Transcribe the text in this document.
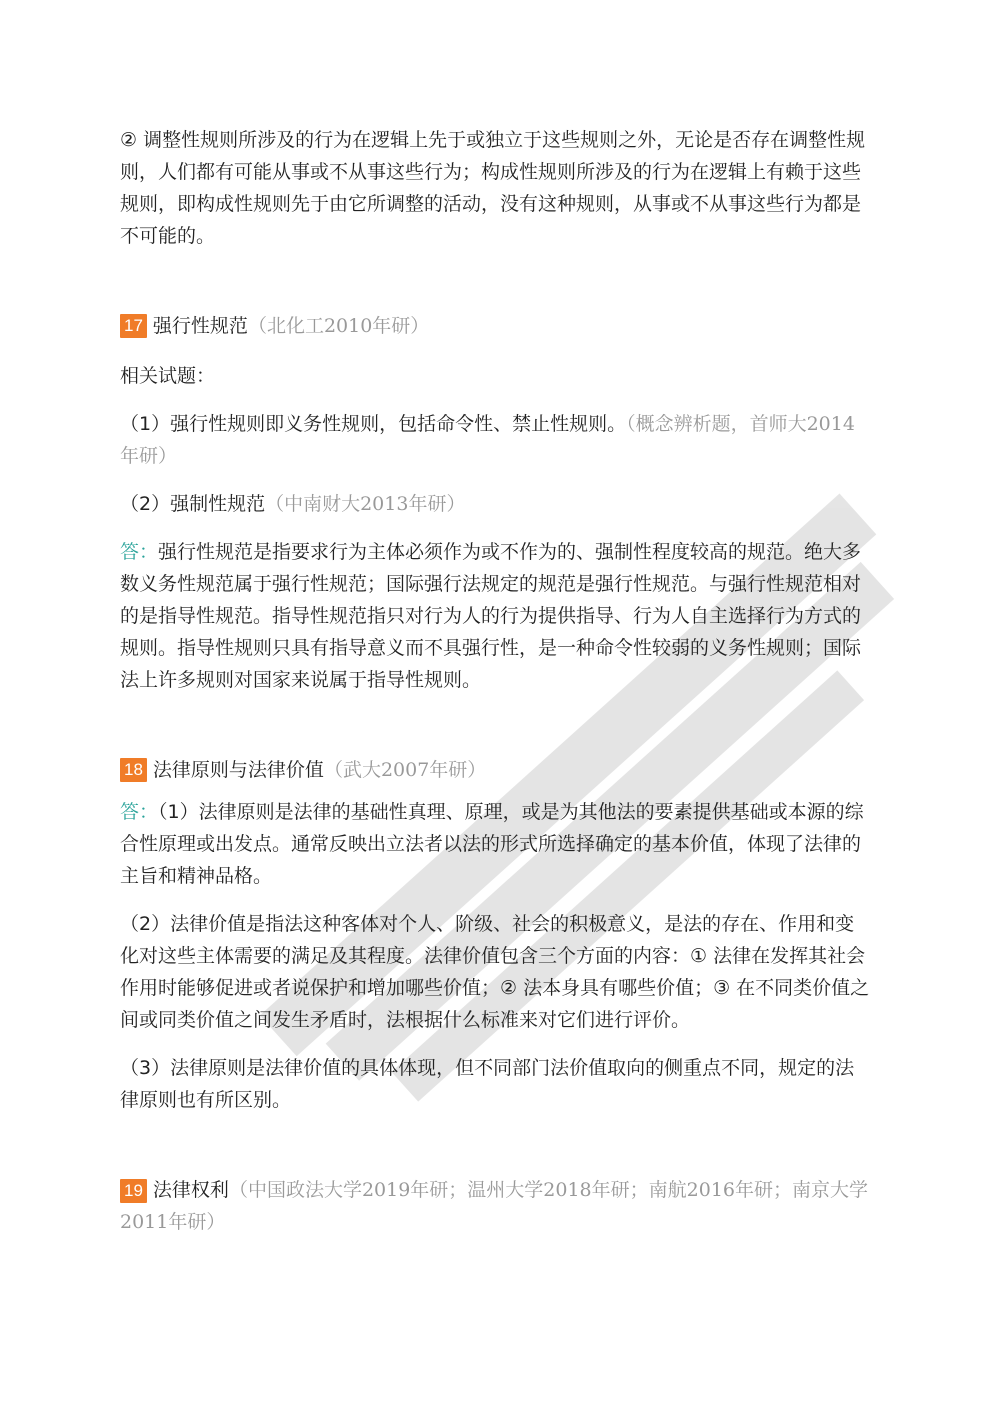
② 调整性规则所涉及的行为在逻辑上先于或独立于这些规则之外，无论是否存在调整性规则，人们都有可能从事或不从事这些行为；构成性规则所涉及的行为在逻辑上有赖于这些规则，即构成性规则先于由它所调整的活动，没有这种规则，从事或不从事这些行为都是不可能的。

17 强行性规范 （北化工2010年研）

相关试题：

（1）强行性规则即义务性规则，包括命令性、禁止性规则。（概念辨析题，首师大2014年研）

（2）强制性规范（中南财大2013年研）

答：强行性规范是指要求行为主体必须作为或不作为的、强制性程度较高的规范。绝大多数义务性规范属于强行性规范；国际强行法规定的规范是强行性规范。与强行性规范相对的是指导性规范。指导性规范指只对行为人的行为提供指导、行为人自主选择行为方式的规则。指导性规则只具有指导意义而不具强行性，是一种命令性较弱的义务性规则；国际法上许多规则对国家来说属于指导性规则。

18 法律原则与法律价值 （武大2007年研）

答：（1）法律原则是法律的基础性真理、原理，或是为其他法的要素提供基础或本源的综合性原理或出发点。通常反映出立法者以法的形式所选择确定的基本价值，体现了法律的主旨和精神品格。

（2）法律价值是指法这种客体对个人、阶级、社会的积极意义，是法的存在、作用和变化对这些主体需要的满足及其程度。法律价值包含三个方面的内容：① 法律在发挥其社会作用时能够促进或者说保护和增加哪些价值；② 法本身具有哪些价值；③ 在不同类价值之间或同类价值之间发生矛盾时，法根据什么标准来对它们进行评价。

（3）法律原则是法律价值的具体体现，但不同部门法价值取向的侧重点不同，规定的法律原则也有所区别。

19 法律权利（中国政法大学2019年研；温州大学2018年研；南航2016年研；南京大学2011年研）
